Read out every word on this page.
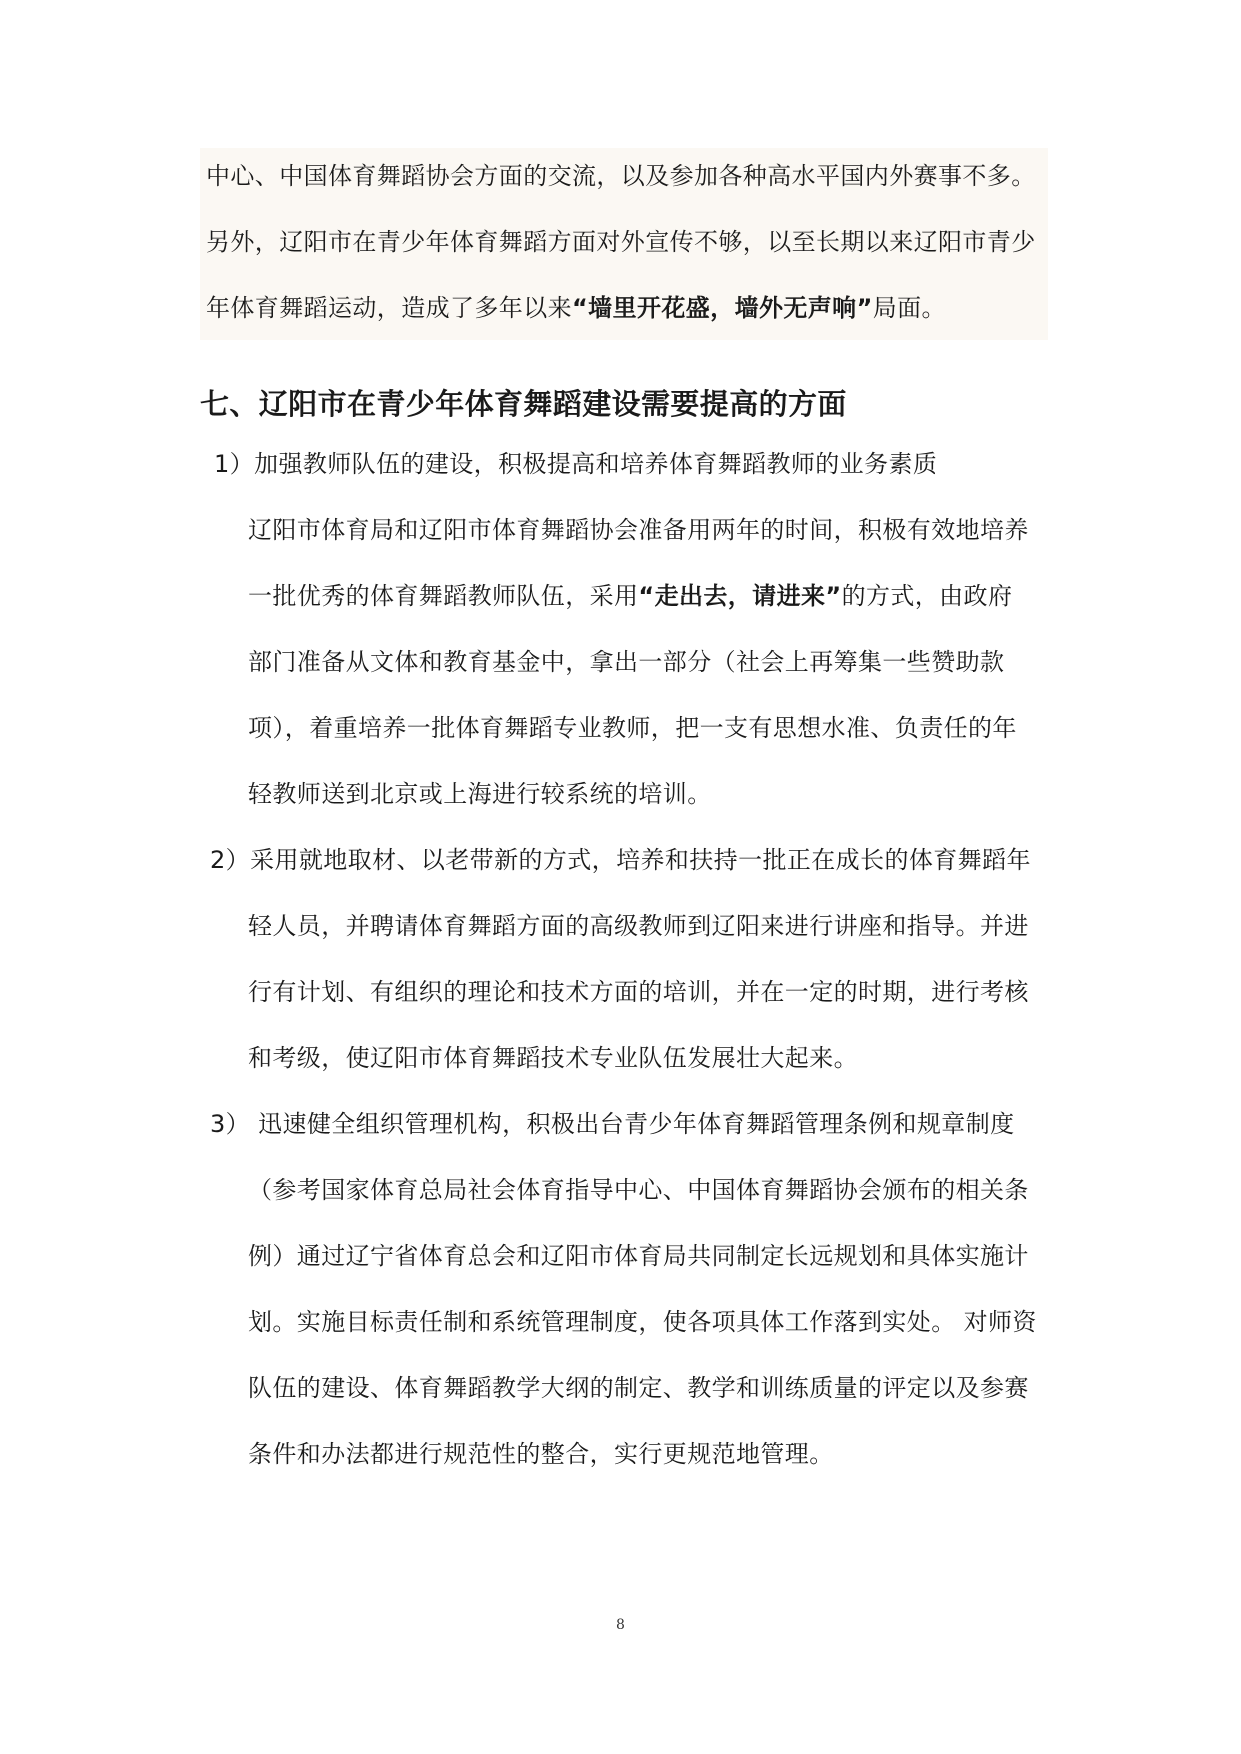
中心、中国体育舞蹈协会方面的交流，以及参加各种高水平国内外赛事不多。
另外，辽阳市在青少年体育舞蹈方面对外宣传不够，以至长期以来辽阳市青少
年体育舞蹈运动，造成了多年以来“墙里开花盛，墙外无声响”局面。
七、辽阳市在青少年体育舞蹈建设需要提高的方面
1）加强教师队伍的建设，积极提高和培养体育舞蹈教师的业务素质
辽阳市体育局和辽阳市体育舞蹈协会准备用两年的时间，积极有效地培养
一批优秀的体育舞蹈教师队伍，采用“走出去，请进来”的方式，由政府
部门准备从文体和教育基金中，拿出一部分（社会上再筹集一些赞助款
项），着重培养一批体育舞蹈专业教师，把一支有思想水准、负责任的年
轻教师送到北京或上海进行较系统的培训。
2）采用就地取材、以老带新的方式，培养和扶持一批正在成长的体育舞蹈年
轻人员，并聘请体育舞蹈方面的高级教师到辽阳来进行讲座和指导。并进
行有计划、有组织的理论和技术方面的培训，并在一定的时期，进行考核
和考级，使辽阳市体育舞蹈技术专业队伍发展壮大起来。
3） 迅速健全组织管理机构，积极出台青少年体育舞蹈管理条例和规章制度
（参考国家体育总局社会体育指导中心、中国体育舞蹈协会颁布的相关条
例）通过辽宁省体育总会和辽阳市体育局共同制定长远规划和具体实施计
划。实施目标责任制和系统管理制度，使各项具体工作落到实处。 对师资
队伍的建设、体育舞蹈教学大纲的制定、教学和训练质量的评定以及参赛
条件和办法都进行规范性的整合，实行更规范地管理。
8
